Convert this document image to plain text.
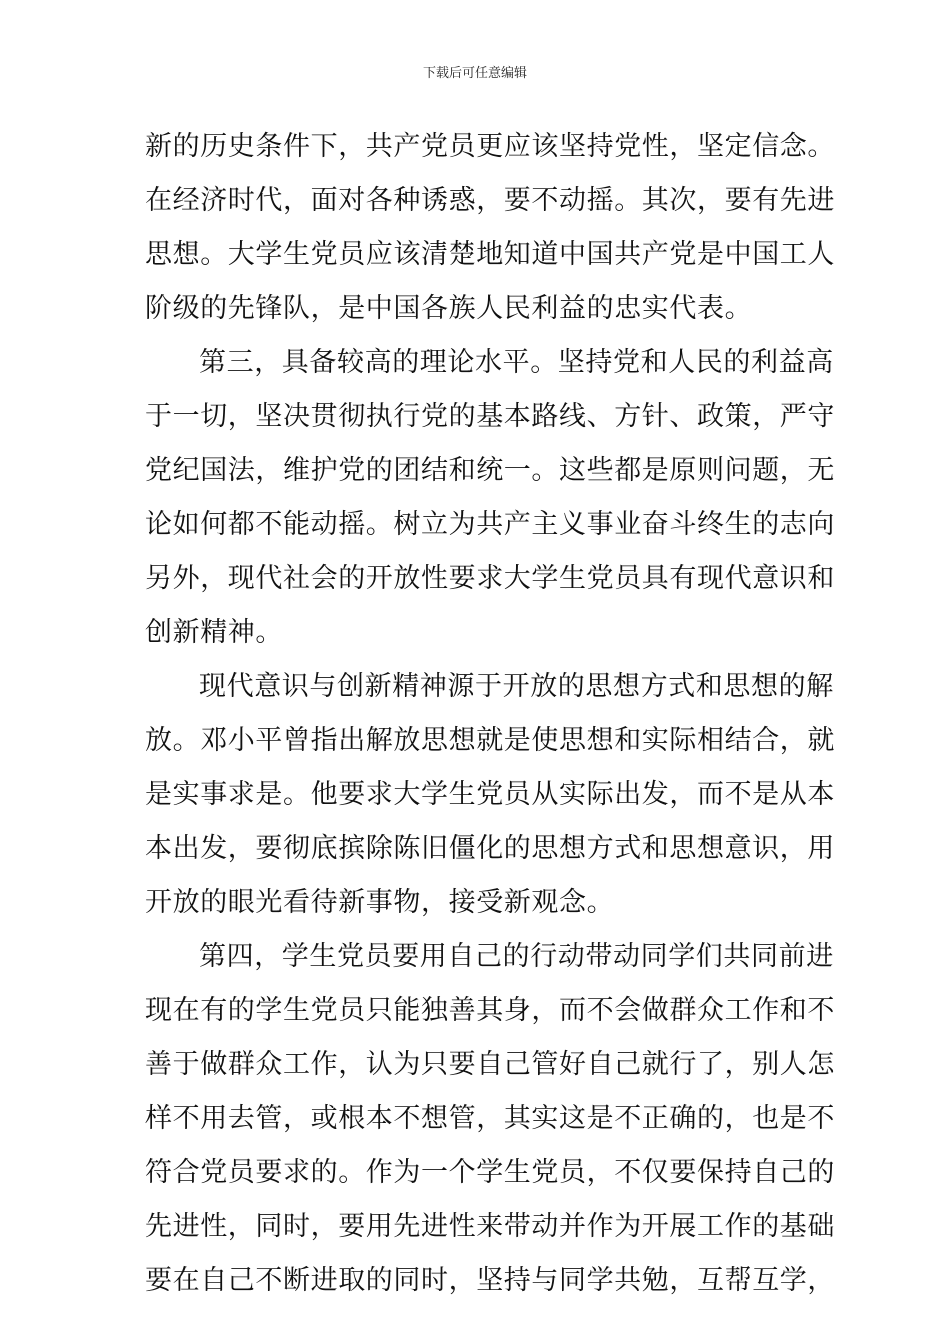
下载后可任意编辑
新的历史条件下，共产党员更应该坚持党性，坚定信念。
在经济时代，面对各种诱惑，要不动摇。其次，要有先进
思想。大学生党员应该清楚地知道中国共产党是中国工人
阶级的先锋队，是中国各族人民利益的忠实代表。
第三，具备较高的理论水平。坚持党和人民的利益高
于一切，坚决贯彻执行党的基本路线、方针、政策，严守
党纪国法，维护党的团结和统一。这些都是原则问题，无
论如何都不能动摇。树立为共产主义事业奋斗终生的志向
另外，现代社会的开放性要求大学生党员具有现代意识和
创新精神。
现代意识与创新精神源于开放的思想方式和思想的解
放。邓小平曾指出解放思想就是使思想和实际相结合，就
是实事求是。他要求大学生党员从实际出发，而不是从本
本出发，要彻底摈除陈旧僵化的思想方式和思想意识，用
开放的眼光看待新事物，接受新观念。
第四，学生党员要用自己的行动带动同学们共同前进
现在有的学生党员只能独善其身，而不会做群众工作和不
善于做群众工作，认为只要自己管好自己就行了，别人怎
样不用去管，或根本不想管，其实这是不正确的，也是不
符合党员要求的。作为一个学生党员，不仅要保持自己的
先进性，同时，要用先进性来带动并作为开展工作的基础
要在自己不断进取的同时，坚持与同学共勉，互帮互学，
